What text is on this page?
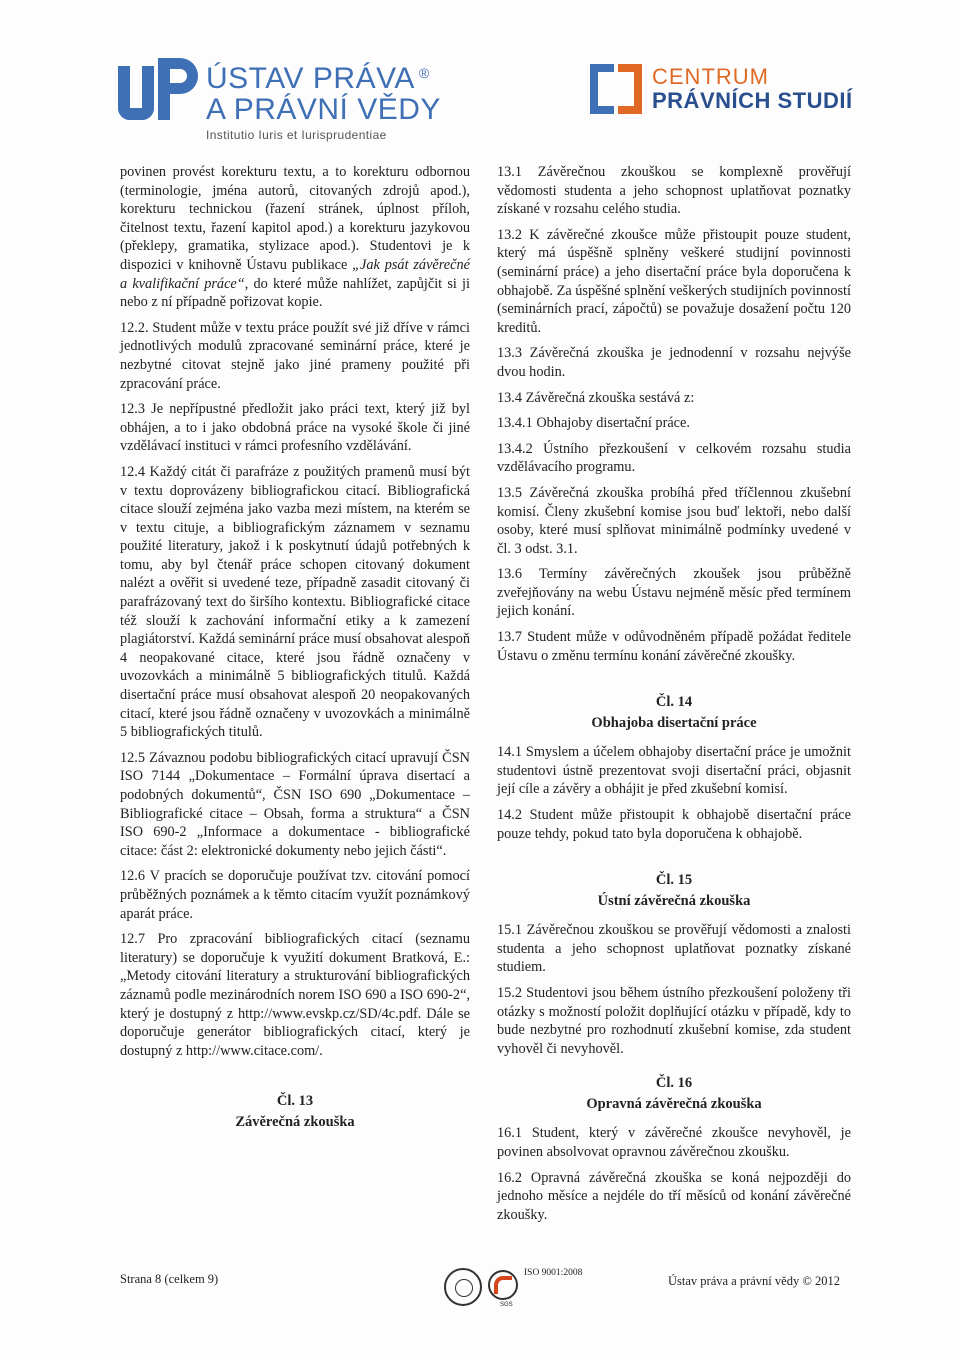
ÚSTAV PRÁVA ®
A PRÁVNÍ VĚDY
Institutio Iuris et Iurisprudentiae
CENTRUM
PRÁVNÍCH STUDIÍ

povinen provést korekturu textu, a to korekturu odbornou (terminologie, jména autorů, citovaných zdrojů apod.), korekturu technickou (řazení stránek, úplnost příloh, čitelnost textu, řazení kapitol apod.) a korekturu jazykovou (překlepy, gramatika, stylizace apod.). Studentovi je k dispozici v knihovně Ústavu publikace „Jak psát závěrečné a kvalifikační práce“, do které může nahlížet, zapůjčit si ji nebo z ní případně pořizovat kopie.

12.2. Student může v textu práce použít své již dříve v rámci jednotlivých modulů zpracované seminární práce, které je nezbytné citovat stejně jako jiné prameny použité při zpracování práce.

12.3 Je nepřípustné předložit jako práci text, který již byl obhájen, a to i jako obdobná práce na vysoké škole či jiné vzdělávací instituci v rámci profesního vzdělávání.

12.4 Každý citát či parafráze z použitých pramenů musí být v textu doprovázeny bibliografickou citací. Bibliografická citace slouží zejména jako vazba mezi místem, na kterém se v textu cituje, a bibliografickým záznamem v seznamu použité literatury, jakož i k poskytnutí údajů potřebných k tomu, aby byl čtenář práce schopen citovaný dokument nalézt a ověřit si uvedené teze, případně zasadit citovaný či parafrázovaný text do širšího kontextu. Bibliografické citace též slouží k zachování informační etiky a k zamezení plagiátorství. Každá seminární práce musí obsahovat alespoň 4 neopakované citace, které jsou řádně označeny v uvozovkách a minimálně 5 bibliografických titulů. Každá disertační práce musí obsahovat alespoň 20 neopakovaných citací, které jsou řádně označeny v uvozovkách a minimálně 5 bibliografických titulů.

12.5 Závaznou podobu bibliografických citací upravují ČSN ISO 7144 „Dokumentace – Formální úprava disertací a podobných dokumentů“, ČSN ISO 690 „Dokumentace – Bibliografické citace – Obsah, forma a struktura“ a ČSN ISO 690-2 „Informace a dokumentace - bibliografické citace: část 2: elektronické dokumenty nebo jejich části“.

12.6 V pracích se doporučuje používat tzv. citování pomocí průběžných poznámek a k těmto citacím využít poznámkový aparát práce.

12.7 Pro zpracování bibliografických citací (seznamu literatury) se doporučuje k využití dokument Bratková, E.: „Metody citování literatury a strukturování bibliografických záznamů podle mezinárodních norem ISO 690 a ISO 690-2“, který je dostupný z http://www.evskp.cz/SD/4c.pdf. Dále se doporučuje generátor bibliografických citací, který je dostupný z http://www.citace.com/.

Čl. 13
Závěrečná zkouška

13.1 Závěrečnou zkouškou se komplexně prověřují vědomosti studenta a jeho schopnost uplatňovat poznatky získané v rozsahu celého studia.

13.2 K závěrečné zkoušce může přistoupit pouze student, který má úspěšně splněny veškeré studijní povinnosti (seminární práce) a jeho disertační práce byla doporučena k obhajobě. Za úspěšné splnění veškerých studijních povinností (seminárních prací, zápočtů) se považuje dosažení počtu 120 kreditů.

13.3 Závěrečná zkouška je jednodenní v rozsahu nejvýše dvou hodin.

13.4 Závěrečná zkouška sestává z:

13.4.1 Obhajoby disertační práce.

13.4.2 Ústního přezkoušení v celkovém rozsahu studia vzdělávacího programu.

13.5 Závěrečná zkouška probíhá před tříčlennou zkušební komisí. Členy zkušební komise jsou buď lektoři, nebo další osoby, které musí splňovat minimálně podmínky uvedené v čl. 3 odst. 3.1.

13.6 Termíny závěrečných zkoušek jsou průběžně zveřejňovány na webu Ústavu nejméně měsíc před termínem jejich konání.

13.7 Student může v odůvodněném případě požádat ředitele Ústavu o změnu termínu konání závěrečné zkoušky.

Čl. 14
Obhajoba disertační práce

14.1 Smyslem a účelem obhajoby disertační práce je umožnit studentovi ústně prezentovat svoji disertační práci, objasnit její cíle a závěry a obhájit je před zkušební komisí.

14.2 Student může přistoupit k obhajobě disertační práce pouze tehdy, pokud tato byla doporučena k obhajobě.

Čl. 15
Ústní závěrečná zkouška

15.1 Závěrečnou zkouškou se prověřují vědomosti a znalosti studenta a jeho schopnost uplatňovat poznatky získané studiem.

15.2 Studentovi jsou během ústního přezkoušení položeny tři otázky s možností položit doplňující otázku v případě, kdy to bude nezbytné pro rozhodnutí zkušební komise, zda student vyhověl či nevyhověl.

Čl. 16
Opravná závěrečná zkouška

16.1 Student, který v závěrečné zkoušce nevyhověl, je povinen absolvovat opravnou závěrečnou zkoušku.

16.2 Opravná závěrečná zkouška se koná nejpozději do jednoho měsíce a nejdéle do tří měsíců od konání závěrečné zkoušky.

Strana 8 (celkem 9)
SGS
ISO 9001:2008
Ústav práva a právní vědy © 2012
